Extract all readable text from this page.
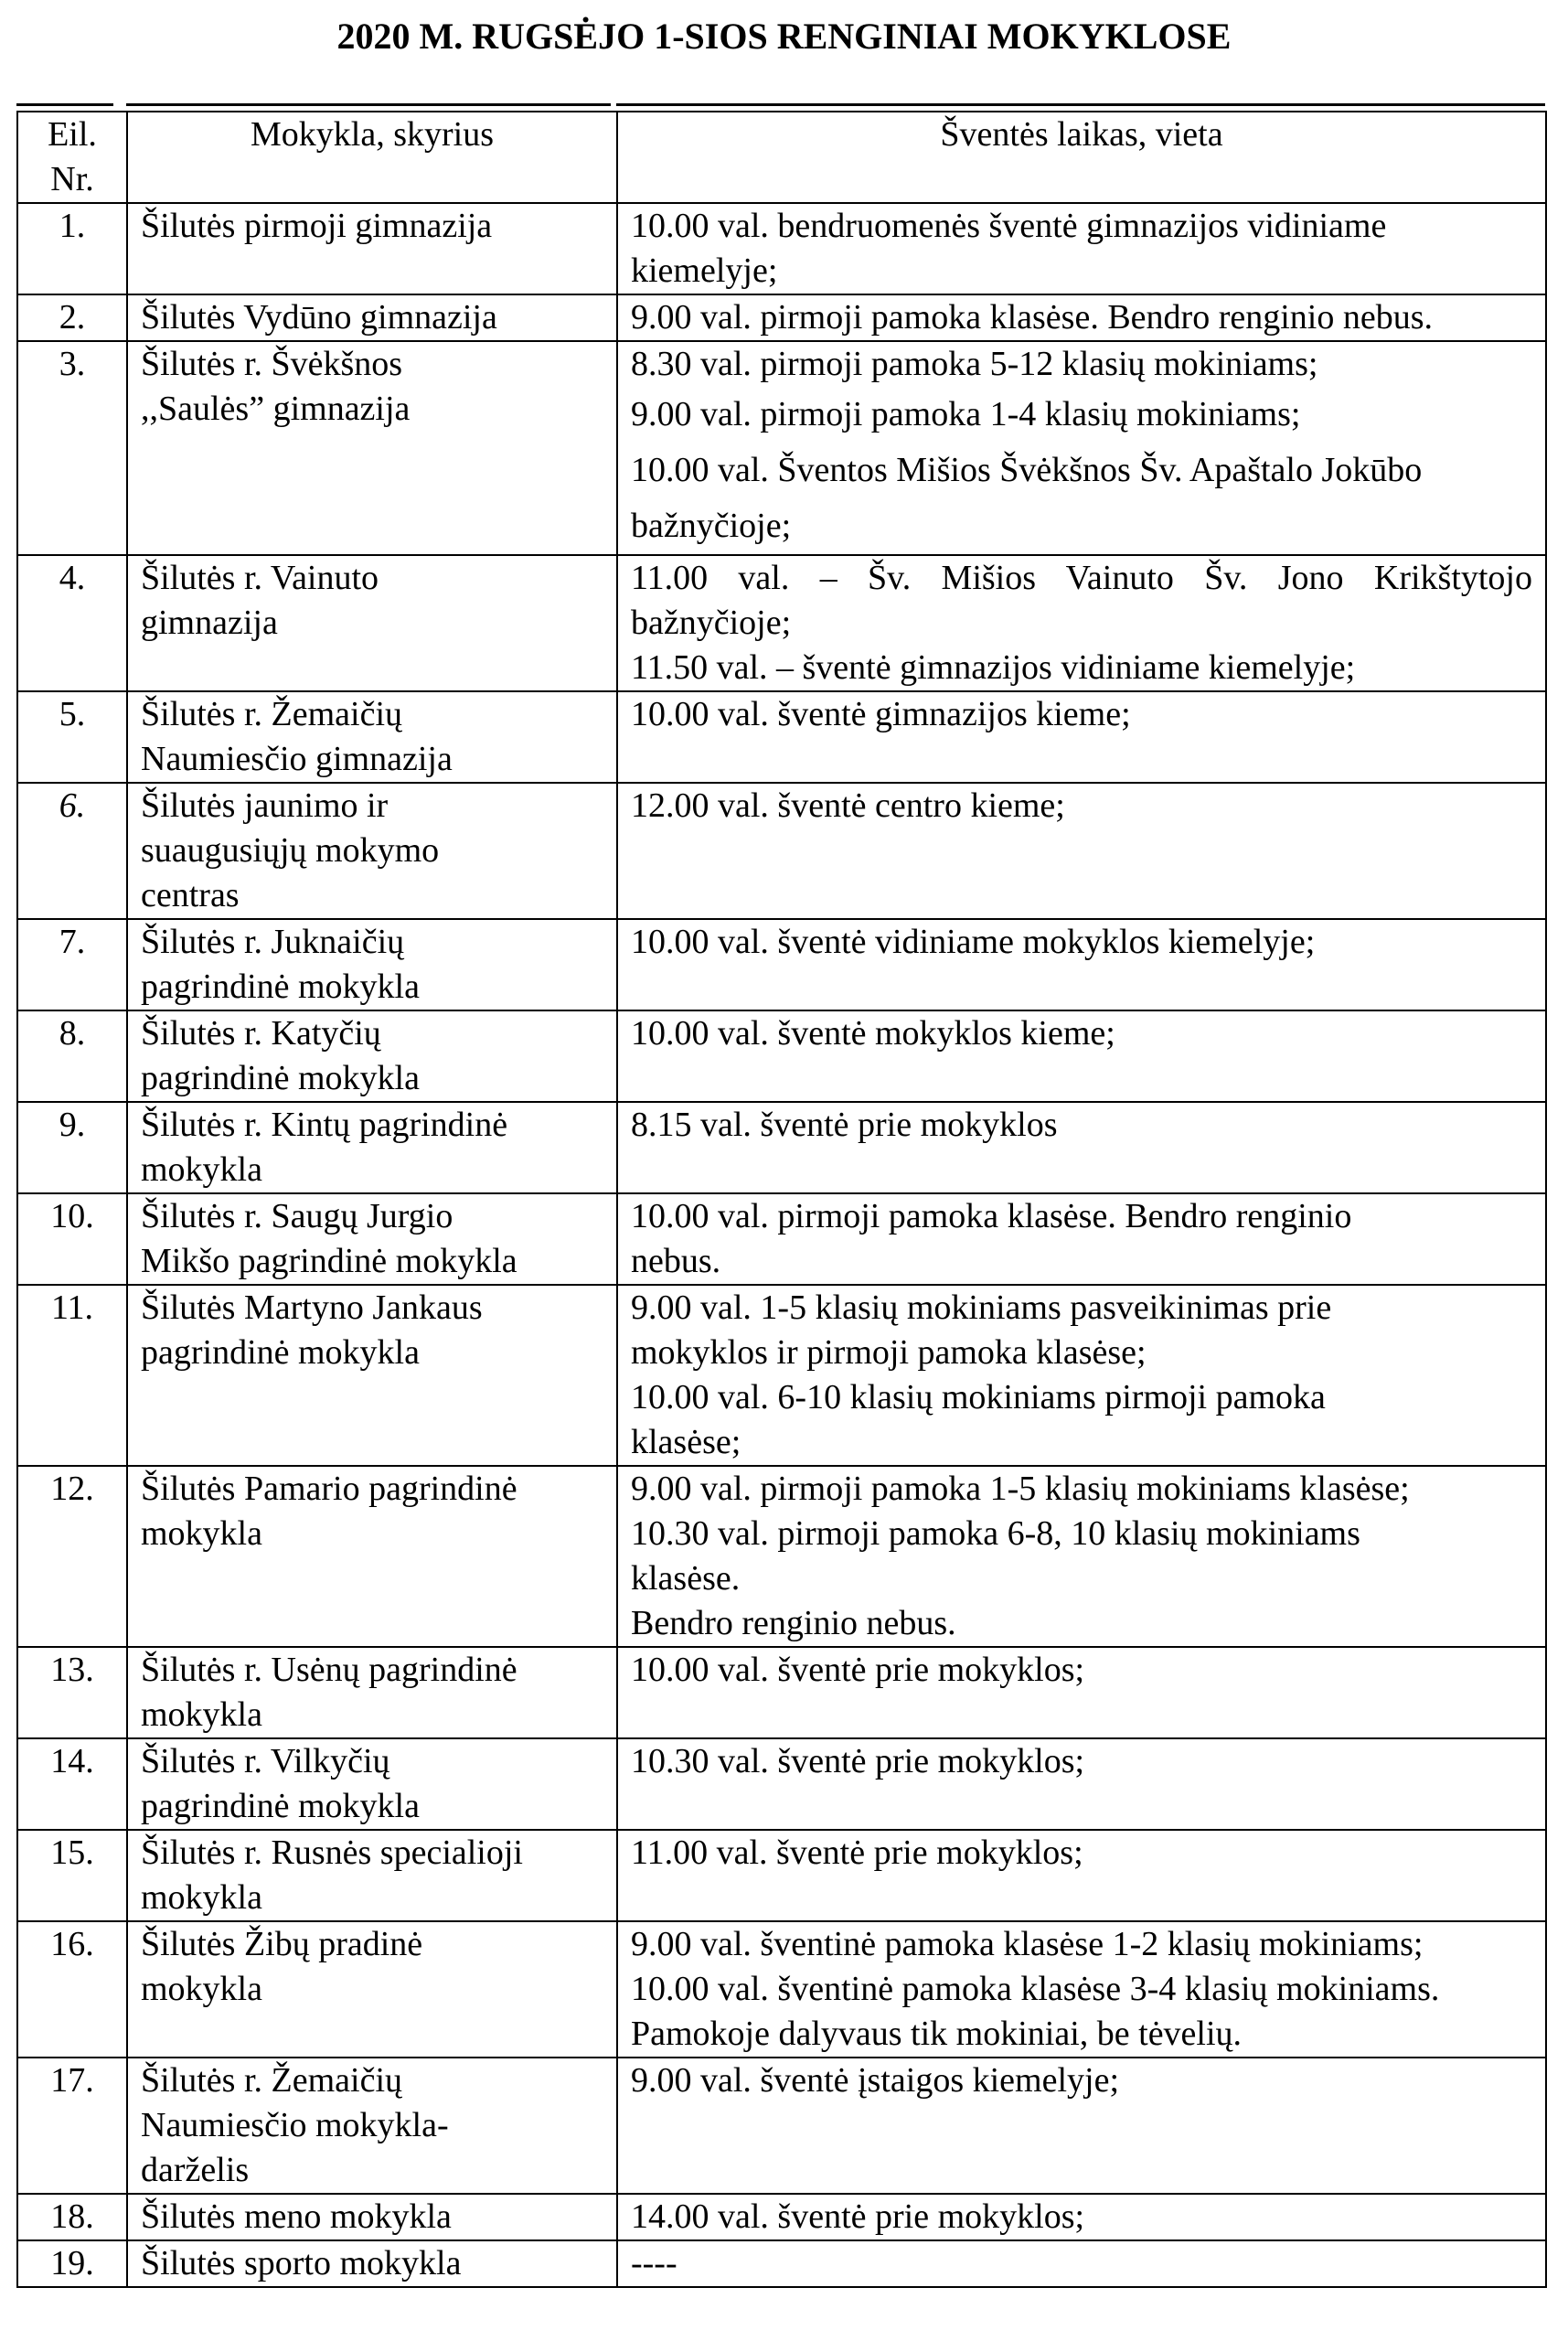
2020 M. RUGSĖJO 1-SIOS RENGINIAI MOKYKLOSE
Eil.
Nr.	Mokykla, skyrius	Šventės laikas, vieta
1.	Šilutės pirmoji gimnazija	10.00 val. bendruomenės šventė gimnazijos vidiniame
kiemelyje;

2.	Šilutės Vydūno gimnazija	9.00 val. pirmoji pamoka klasėse. Bendro renginio nebus.

3.	Šilutės r. Švėkšnos
,,Saulės” gimnazija	8.30 val. pirmoji pamoka 5-12 klasių mokiniams;
9.00 val. pirmoji pamoka 1-4 klasių mokiniams;
10.00 val. Šventos Mišios Švėkšnos Šv. Apaštalo Jokūbo
bažnyčioje;

4.	Šilutės r. Vainuto
gimnazija	11.00 val. – Šv. Mišios Vainuto Šv. Jono Krikštytojo
bažnyčioje;
11.50 val. – šventė gimnazijos vidiniame kiemelyje;

5.	Šilutės r. Žemaičių
Naumiesčio gimnazija	10.00 val. šventė gimnazijos kieme;

6.	Šilutės jaunimo ir
suaugusiųjų mokymo
centras	12.00 val. šventė centro kieme;

7.	Šilutės r. Juknaičių
pagrindinė mokykla	10.00 val. šventė vidiniame mokyklos kiemelyje;

8.	Šilutės r. Katyčių
pagrindinė mokykla	10.00 val. šventė mokyklos kieme;

9.	Šilutės r. Kintų pagrindinė
mokykla	8.15 val. šventė prie mokyklos

10.	Šilutės r. Saugų Jurgio
Mikšo pagrindinė mokykla	10.00 val. pirmoji pamoka klasėse. Bendro renginio
nebus.

11.	Šilutės Martyno Jankaus
pagrindinė mokykla	9.00 val. 1-5 klasių mokiniams pasveikinimas prie
mokyklos ir pirmoji pamoka klasėse;
10.00 val. 6-10 klasių mokiniams pirmoji pamoka
klasėse;

12.	Šilutės Pamario pagrindinė
mokykla	9.00 val. pirmoji pamoka 1-5 klasių mokiniams klasėse;
10.30 val. pirmoji pamoka 6-8, 10 klasių mokiniams
klasėse.
Bendro renginio nebus.

13.	Šilutės r. Usėnų pagrindinė
mokykla	10.00 val. šventė prie mokyklos;

14.	Šilutės r. Vilkyčių
pagrindinė mokykla	10.30 val. šventė prie mokyklos;

15.	Šilutės r. Rusnės specialioji
mokykla	11.00 val. šventė prie mokyklos;

16.	Šilutės Žibų pradinė
mokykla	9.00 val. šventinė pamoka klasėse 1-2 klasių mokiniams;
10.00 val. šventinė pamoka klasėse 3-4 klasių mokiniams.
Pamokoje dalyvaus tik mokiniai, be tėvelių.

17.	Šilutės r. Žemaičių
Naumiesčio mokykla-
darželis	9.00 val. šventė įstaigos kiemelyje;

18.	Šilutės meno mokykla	14.00 val. šventė prie mokyklos;

19.	Šilutės sporto mokykla	----
